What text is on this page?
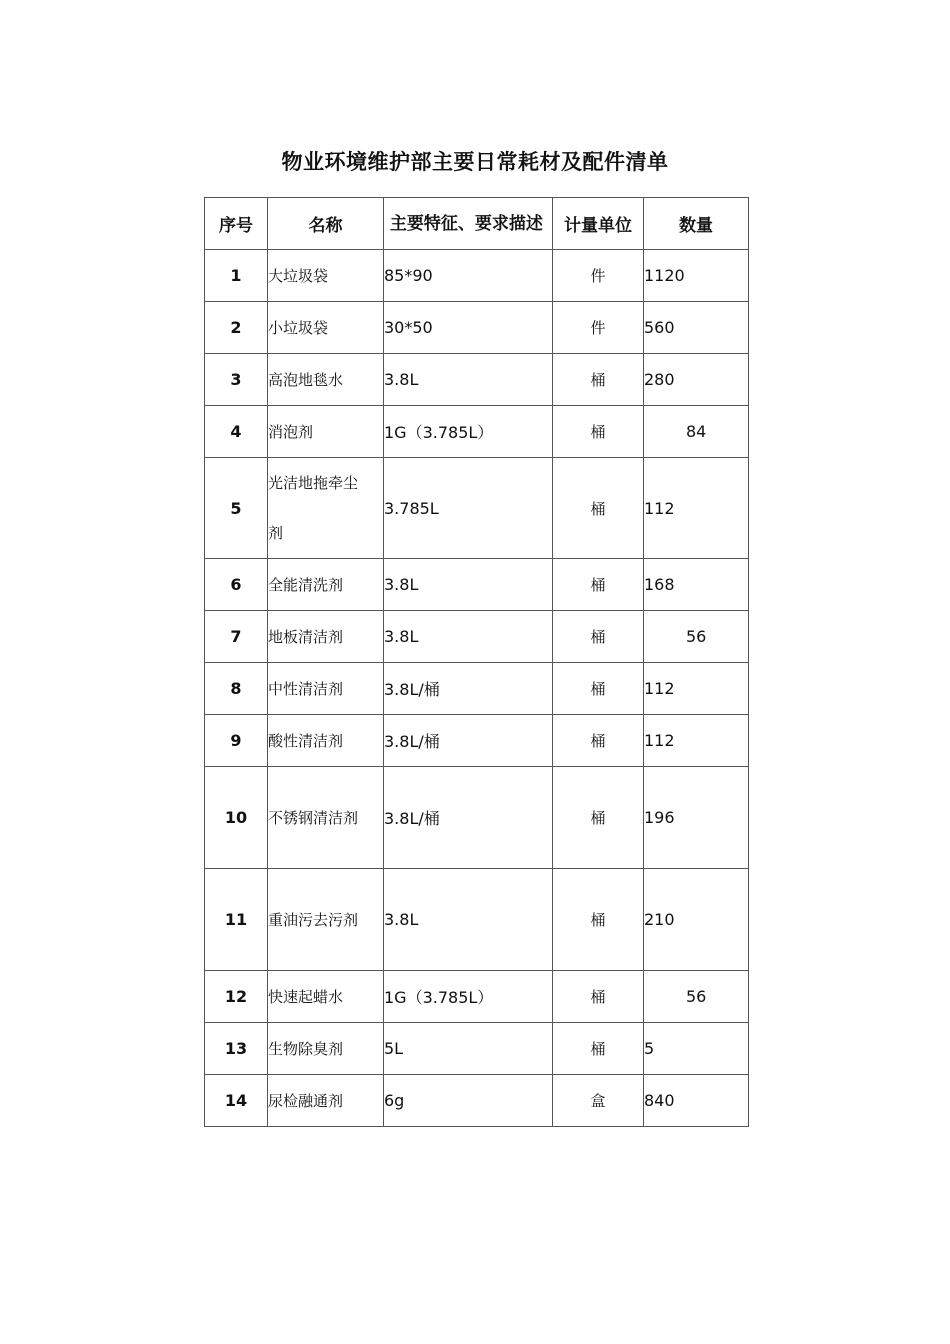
物业环境维护部主要日常耗材及配件清单
序号	名称	主要特征、要求描述	计量单位	数量
1	大垃圾袋	85*90	件	1120
2	小垃圾袋	30*50	件	560
3	高泡地毯水	3.8L	桶	280
4	消泡剂	1G（3.785L）	桶	84
5	光洁地拖牵尘剂	3.785L	桶	112
6	全能清洗剂	3.8L	桶	168
7	地板清洁剂	3.8L	桶	56
8	中性清洁剂	3.8L/桶	桶	112
9	酸性清洁剂	3.8L/桶	桶	112
10	不锈钢清洁剂	3.8L/桶	桶	196
11	重油污去污剂	3.8L	桶	210
12	快速起蜡水	1G（3.785L）	桶	56
13	生物除臭剂	5L	桶	5
14	尿检融通剂	6g	盒	840
